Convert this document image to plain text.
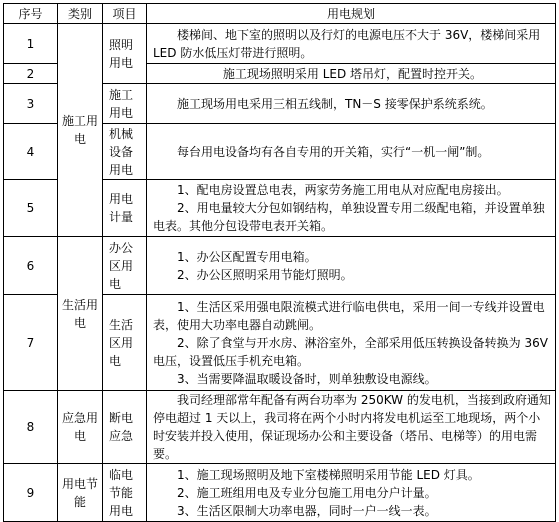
序号	类别	项目	用电规划
1	施工用电	照明用电	楼梯间、地下室的照明以及行灯的电源电压不大于 36V，楼梯间采用 LED 防水低压灯带进行照明。

2			施工现场照明采用 LED 塔吊灯，配置时控开关。

3		施工用电	施工现场用电采用三相五线制，TN－S 接零保护系统系统。

4		机械设备用电	每台用电设备均有各自专用的开关箱，实行“一机一闸”制。

5		用电计量	1、配电房设置总电表，两家劳务施工用电从对应配电房接出。
2、用电量较大分包如钢结构，单独设置专用二级配电箱，并设置单独电表。其他分包设带电表开关箱。

6	生活用电	办公区用电	1、办公区配置专用电箱。
2、办公区照明采用节能灯照明。

7		生活区用电	1、生活区采用强电限流模式进行临电供电，采用一间一专线并设置电表，使用大功率电器自动跳闸。
2、除了食堂与开水房、淋浴室外，全部采用低压转换设备转换为 36V 电压，设置低压手机充电箱。
3、当需要降温取暖设备时，则单独敷设电源线。

8	应急用电	断电应急	我司经理部常年配备有两台功率为 250KW 的发电机，当接到政府通知停电超过 1 天以上，我司将在两个小时内将发电机运至工地现场，两个小时安装并投入使用，保证现场办公和主要设备（塔吊、电梯等）的用电需要。

9	用电节能	临电节能用电	1、施工现场照明及地下室楼梯照明采用节能 LED 灯具。
2、施工班组用电及专业分包施工用电分户计量。
3、生活区限制大功率电器，同时一户一线一表。
